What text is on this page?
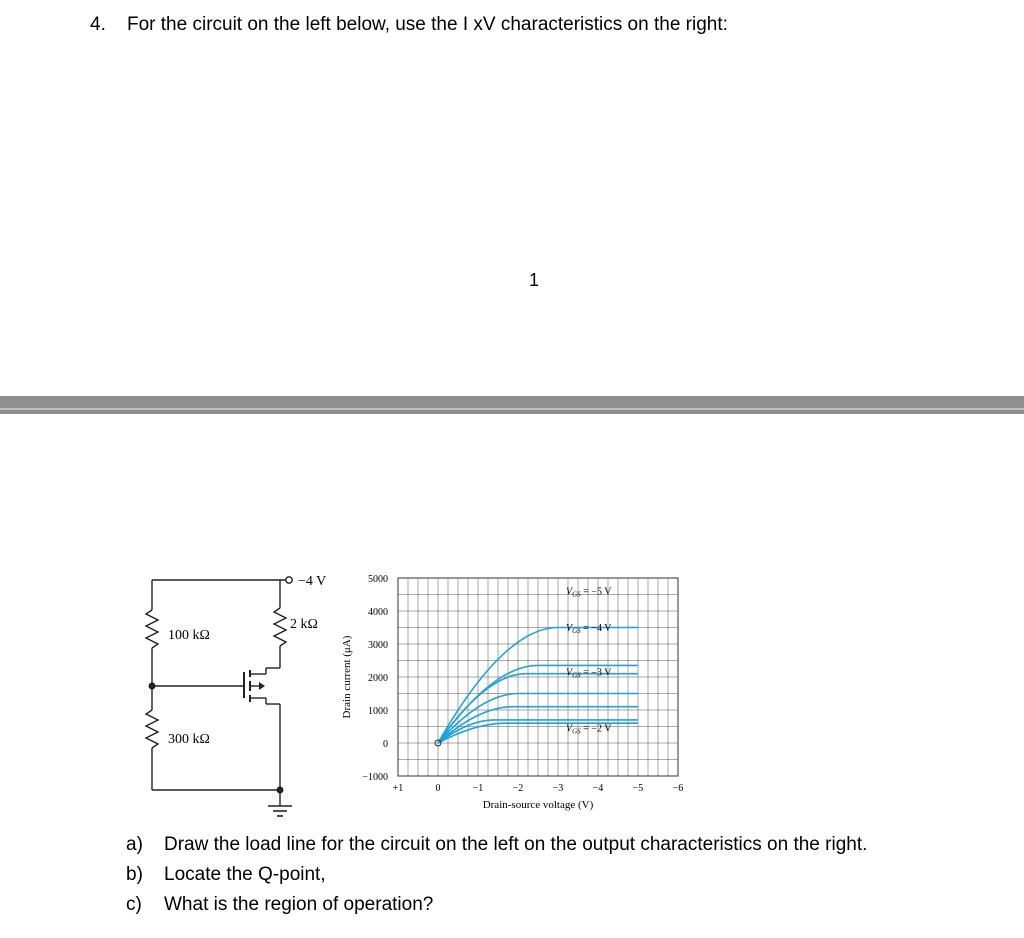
4. For the circuit on the left below, use the I xV characteristics on the right:
1
−4 V
2 kΩ
100 kΩ
300 kΩ
5000
4000
3000
2000
1000
0
−1000
+1	0	−1	−2	−3	−4	−5	−6
Drain-source voltage (V)
Drain current (μA)
$V_{GS} = -5$ V
$V_{GS} = -4$ V
$V_{GS} = -3$ V
$V_{GS} = -2$ V
a) Draw the load line for the circuit on the left on the output characteristics on the right.
b) Locate the Q-point,
c) What is the region of operation?
